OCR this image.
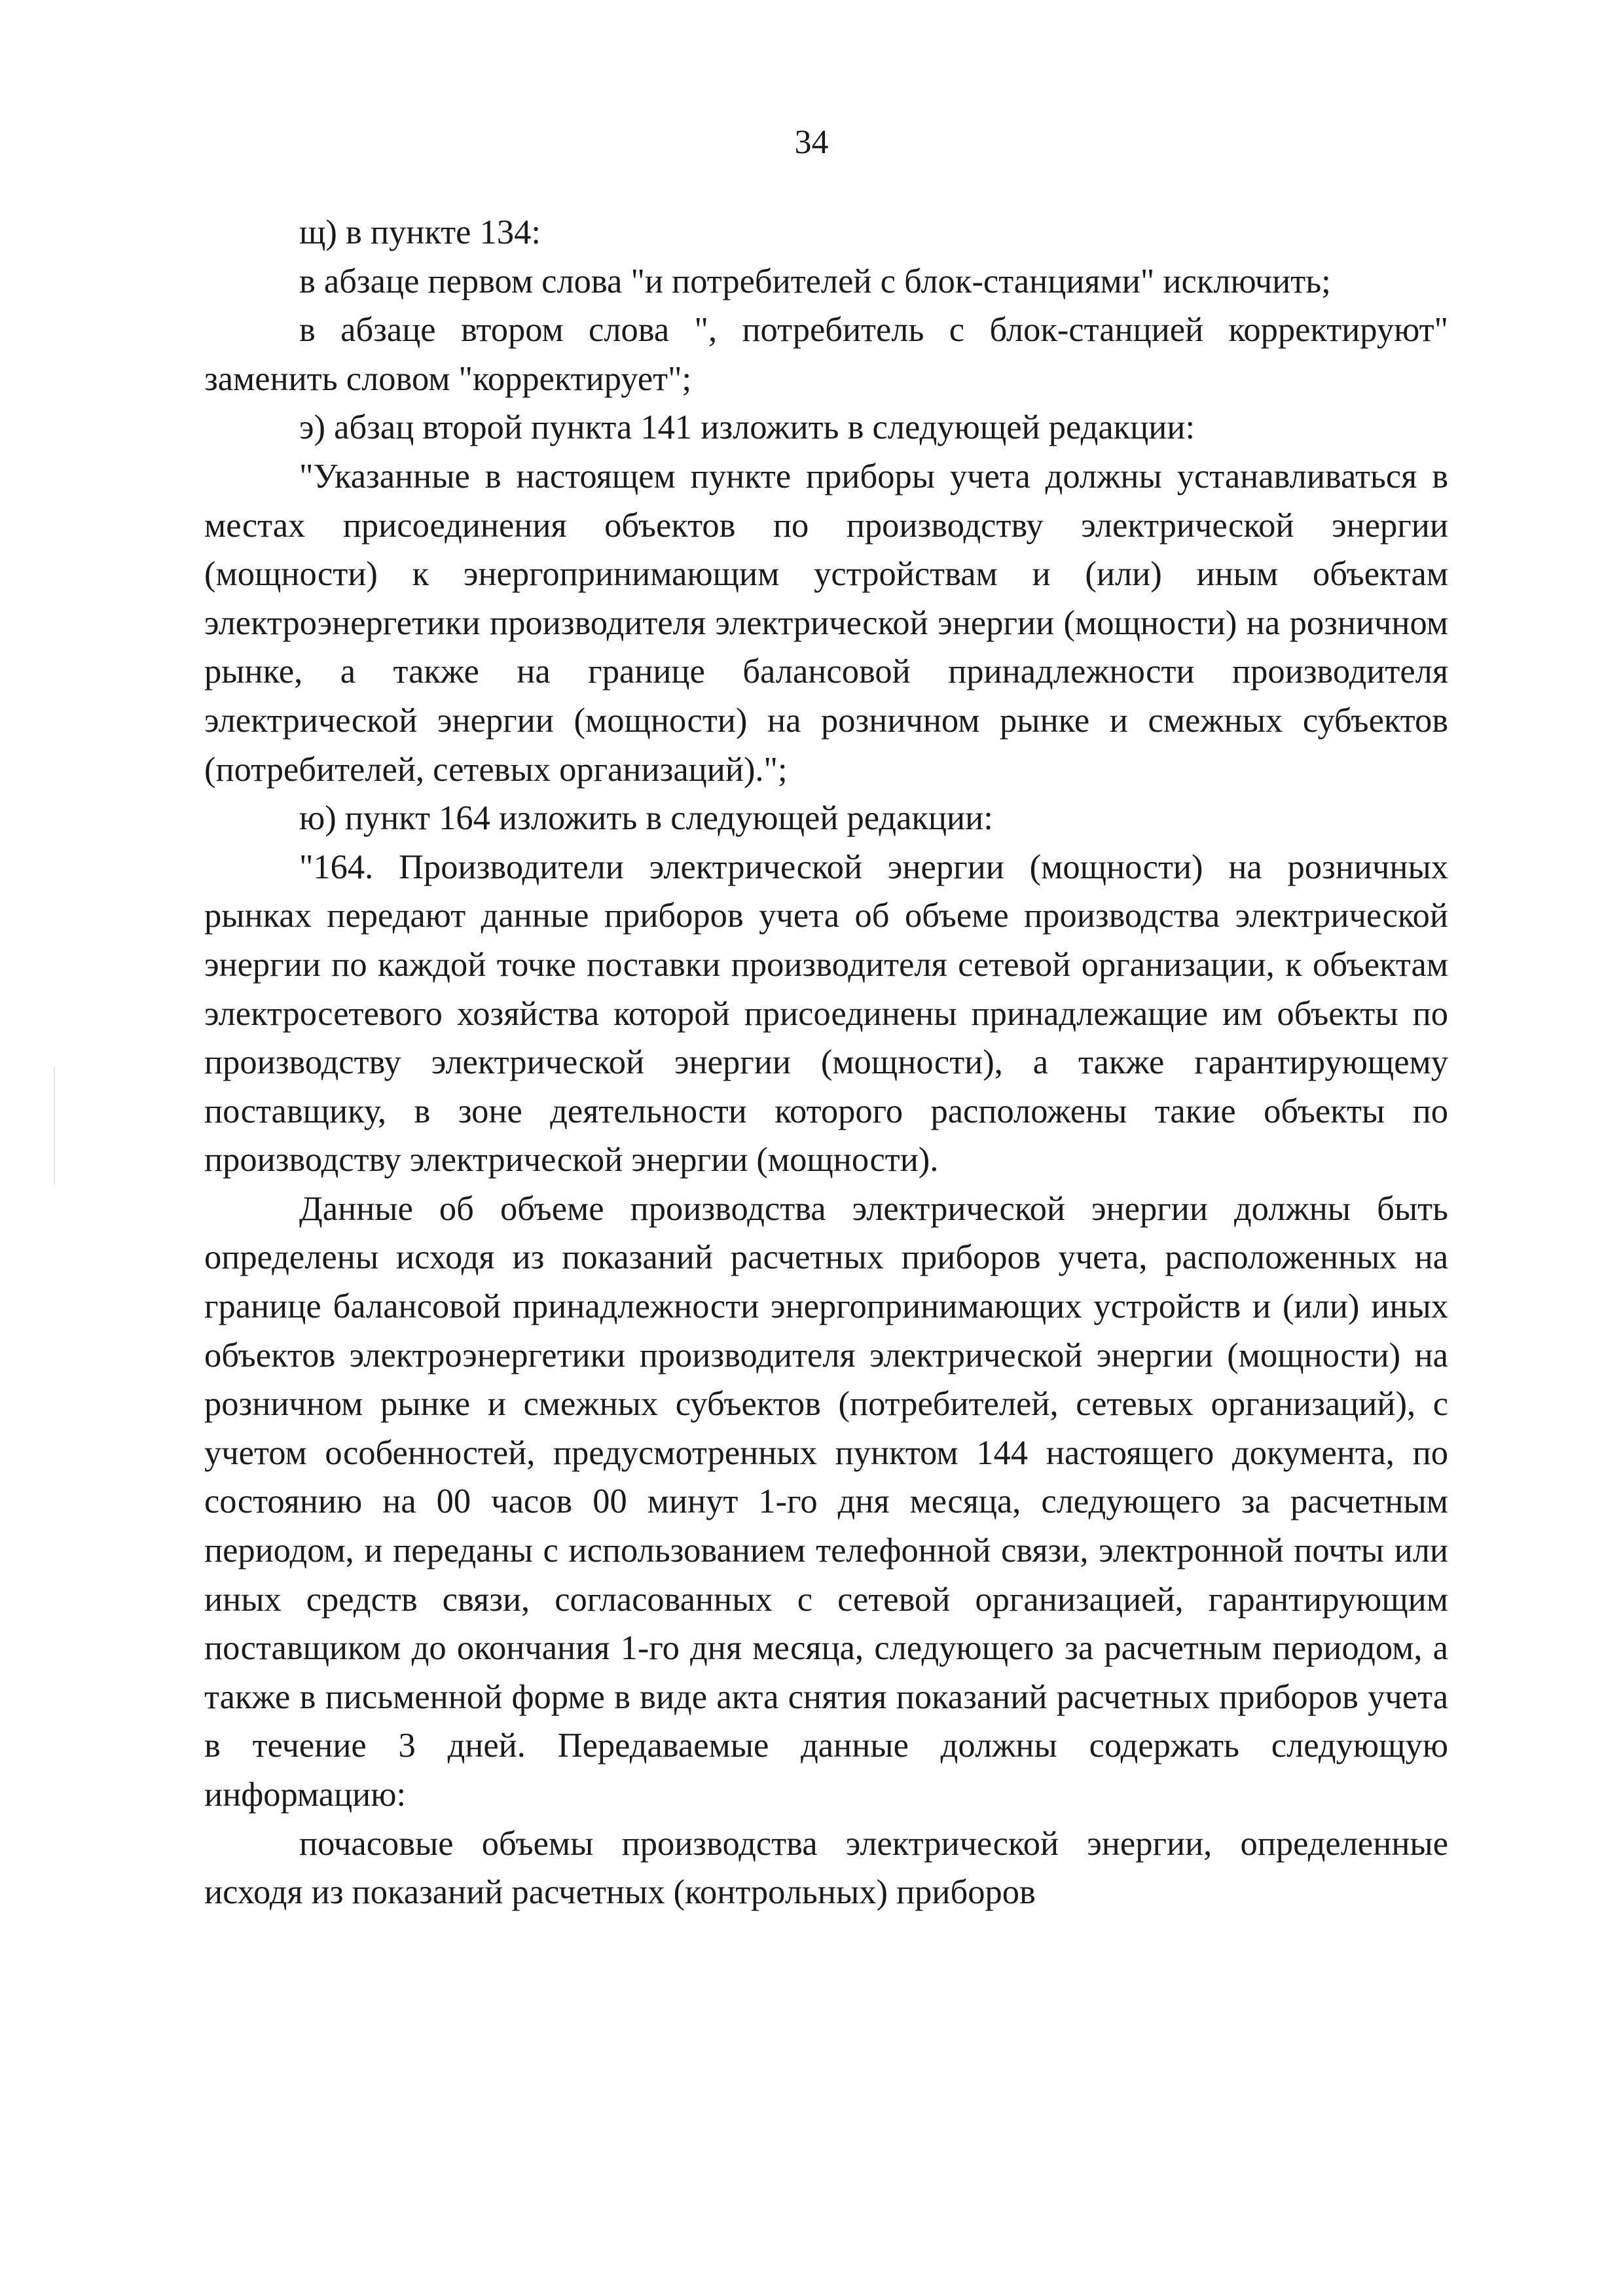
34

щ) в пункте 134:

в абзаце первом слова "и потребителей с блок-станциями" исключить;

в абзаце втором слова ", потребитель с блок-станцией корректируют" заменить словом "корректирует";

э) абзац второй пункта 141 изложить в следующей редакции:

"Указанные в настоящем пункте приборы учета должны устанавливаться в местах присоединения объектов по производству электрической энергии (мощности) к энергопринимающим устройствам и (или) иным объектам электроэнергетики производителя электрической энергии (мощности) на розничном рынке, а также на границе балансовой принадлежности производителя электрической энергии (мощности) на розничном рынке и смежных субъектов (потребителей, сетевых организаций).";

ю) пункт 164 изложить в следующей редакции:

"164. Производители электрической энергии (мощности) на розничных рынках передают данные приборов учета об объеме производства электрической энергии по каждой точке поставки производителя сетевой организации, к объектам электросетевого хозяйства которой присоединены принадлежащие им объекты по производству электрической энергии (мощности), а также гарантирующему поставщику, в зоне деятельности которого расположены такие объекты по производству электрической энергии (мощности).

Данные об объеме производства электрической энергии должны быть определены исходя из показаний расчетных приборов учета, расположенных на границе балансовой принадлежности энергопринимающих устройств и (или) иных объектов электроэнергетики производителя электрической энергии (мощности) на розничном рынке и смежных субъектов (потребителей, сетевых организаций), с учетом особенностей, предусмотренных пунктом 144 настоящего документа, по состоянию на 00 часов 00 минут 1-го дня месяца, следующего за расчетным периодом, и переданы с использованием телефонной связи, электронной почты или иных средств связи, согласованных с сетевой организацией, гарантирующим поставщиком до окончания 1-го дня месяца, следующего за расчетным периодом, а также в письменной форме в виде акта снятия показаний расчетных приборов учета в течение 3 дней. Передаваемые данные должны содержать следующую информацию:

почасовые объемы производства электрической энергии, определенные исходя из показаний расчетных (контрольных) приборов
